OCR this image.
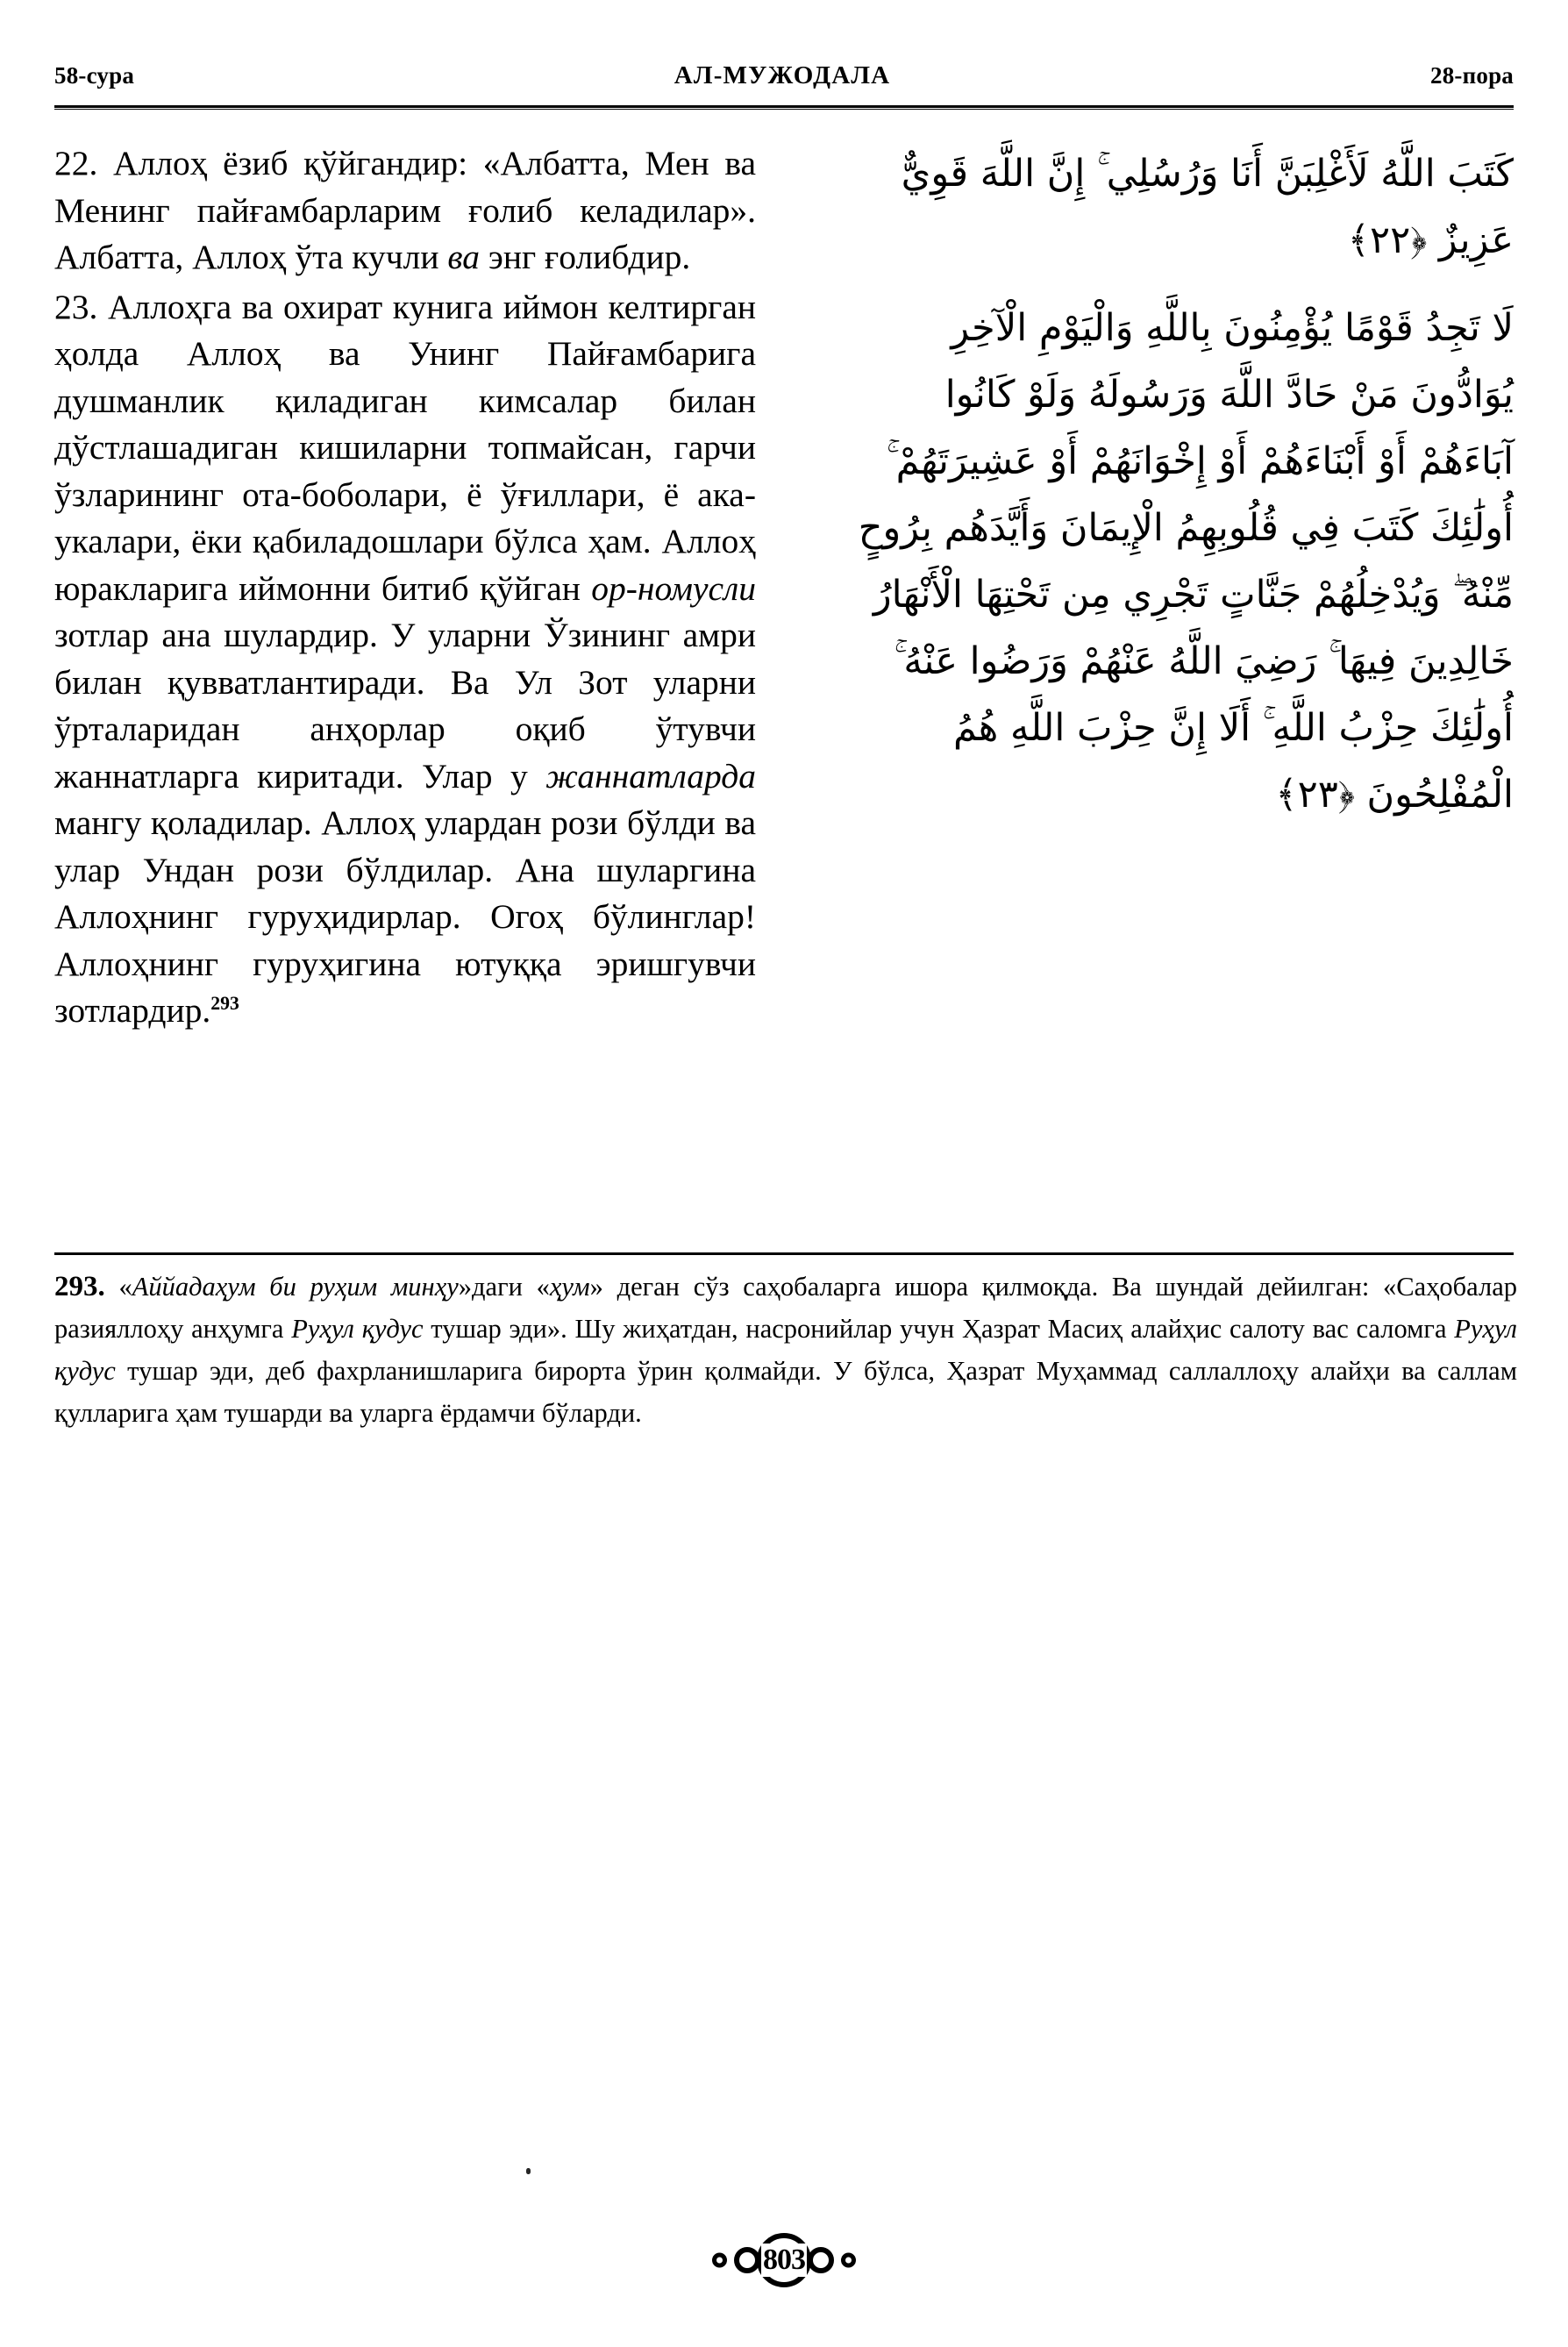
58-сура	АЛ-МУЖОДАЛА	28-пора

22. Аллоҳ ёзиб қўйгандир: «Албатта, Мен ва Менинг пайғамбарларим ғолиб келадилар». Албатта, Аллоҳ ўта кучли ва энг ғолибдир.

23. Аллоҳга ва охират кунига иймон келтирган ҳолда Аллоҳ ва Унинг Пайғамбарига душманлик қиладиган кимсалар билан дўстлашадиган кишиларни топмайсан, гарчи ўзларининг ота-боболари, ё ўғиллари, ё ака-укалари, ёки қабиладошлари бўлса ҳам. Аллоҳ юракларига иймонни битиб қўйган ор-номусли зотлар ана шулардир. У уларни Ўзининг амри билан қувватлантиради. Ва Ул Зот уларни ўрталаридан анҳорлар оқиб ўтувчи жаннатларга киритади. Улар у жаннатларда мангу қоладилар. Аллоҳ улардан рози бўлди ва улар Ундан рози бўлдилар. Ана шуларгина Аллоҳнинг гуруҳидирлар. Огоҳ бўлинглар! Аллоҳнинг гуруҳигина ютуққа эришгувчи зотлардир.$^{293}$

كَتَبَ اللَّهُ لَأَغْلِبَنَّ أَنَا وَرُسُلِي ۚ إِنَّ اللَّهَ قَوِيٌّ عَزِيزٌ ﴿٢٢﴾

لَا تَجِدُ قَوْمًا يُؤْمِنُونَ بِاللَّهِ وَالْيَوْمِ الْآخِرِ يُوَادُّونَ مَنْ حَادَّ اللَّهَ وَرَسُولَهُ وَلَوْ كَانُوا آبَاءَهُمْ أَوْ أَبْنَاءَهُمْ أَوْ إِخْوَانَهُمْ أَوْ عَشِيرَتَهُمْ ۚ أُولَٰئِكَ كَتَبَ فِي قُلُوبِهِمُ الْإِيمَانَ وَأَيَّدَهُم بِرُوحٍ مِّنْهُ ۖ وَيُدْخِلُهُمْ جَنَّاتٍ تَجْرِي مِن تَحْتِهَا الْأَنْهَارُ خَالِدِينَ فِيهَا ۚ رَضِيَ اللَّهُ عَنْهُمْ وَرَضُوا عَنْهُ ۚ أُولَٰئِكَ حِزْبُ اللَّهِ ۚ أَلَا إِنَّ حِزْبَ اللَّهِ هُمُ الْمُفْلِحُونَ ﴿٢٣﴾

293. «Аййадаҳум би руҳим минҳу»даги «ҳум» деган сўз саҳобаларга ишора қилмоқда. Ва шундай дейилган: «Саҳобалар разияллоҳу анҳумга Руҳул қудус тушар эди». Шу жиҳатдан, насронийлар учун Ҳазрат Масиҳ алайҳис салоту вас саломга Руҳул қудус тушар эди, деб фахрланишларига бирорта ўрин қолмайди. У бўлса, Ҳазрат Муҳаммад саллаллоҳу алайҳи ва саллам қулларига ҳам тушарди ва уларга ёрдамчи бўларди.
803
